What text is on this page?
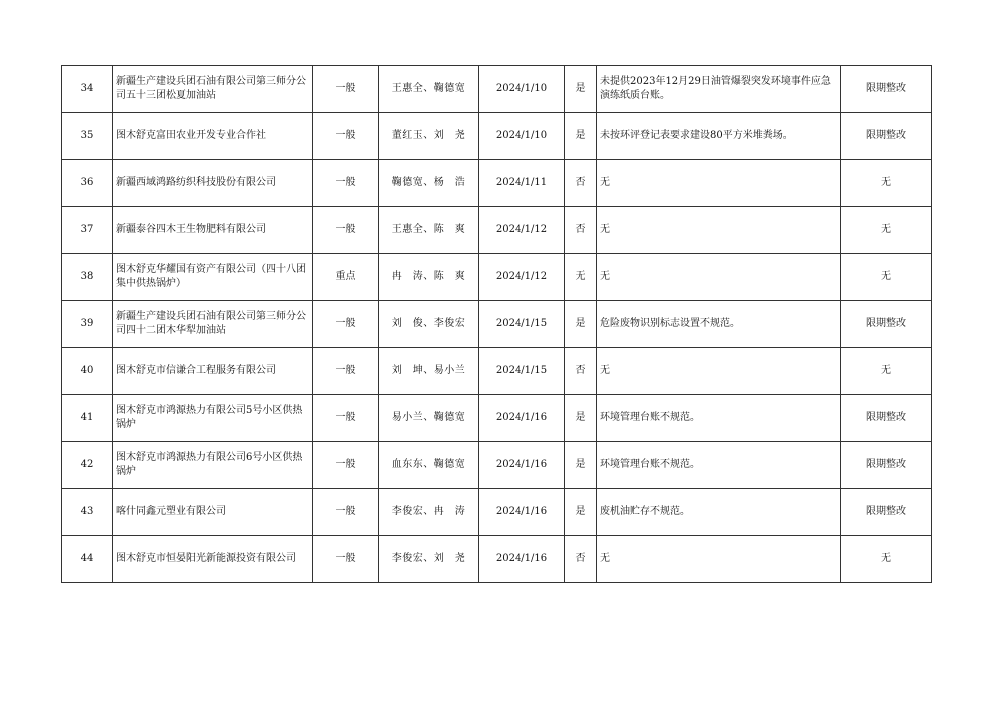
34	新疆生产建设兵团石油有限公司第三师分公司五十三团松夏加油站	一般	王惠全、鞠德宽	2024/1/10	是	未提供2023年12月29日油管爆裂突发环境事件应急演练纸质台账。	限期整改
35	图木舒克富田农业开发专业合作社	一般	董红玉、刘　尧	2024/1/10	是	未按环评登记表要求建设80平方米堆粪场。	限期整改
36	新疆西域鸿路纺织科技股份有限公司	一般	鞠德宽、杨　浩	2024/1/11	否	无	无
37	新疆泰谷四木王生物肥料有限公司	一般	王惠全、陈　爽	2024/1/12	否	无	无
38	图木舒克华耀国有资产有限公司（四十八团集中供热锅炉）	重点	冉　涛、陈　爽	2024/1/12	无	无	无
39	新疆生产建设兵团石油有限公司第三师分公司四十二团木华犁加油站	一般	刘　俊、李俊宏	2024/1/15	是	危险废物识别标志设置不规范。	限期整改
40	图木舒克市信谦合工程服务有限公司	一般	刘　坤、易小兰	2024/1/15	否	无	无
41	图木舒克市鸿源热力有限公司5号小区供热锅炉	一般	易小兰、鞠德宽	2024/1/16	是	环境管理台账不规范。	限期整改
42	图木舒克市鸿源热力有限公司6号小区供热锅炉	一般	血东东、鞠德宽	2024/1/16	是	环境管理台账不规范。	限期整改
43	喀什同鑫元塑业有限公司	一般	李俊宏、冉　涛	2024/1/16	是	废机油贮存不规范。	限期整改
44	图木舒克市恒晏阳光新能源投资有限公司	一般	李俊宏、刘　尧	2024/1/16	否	无	无
